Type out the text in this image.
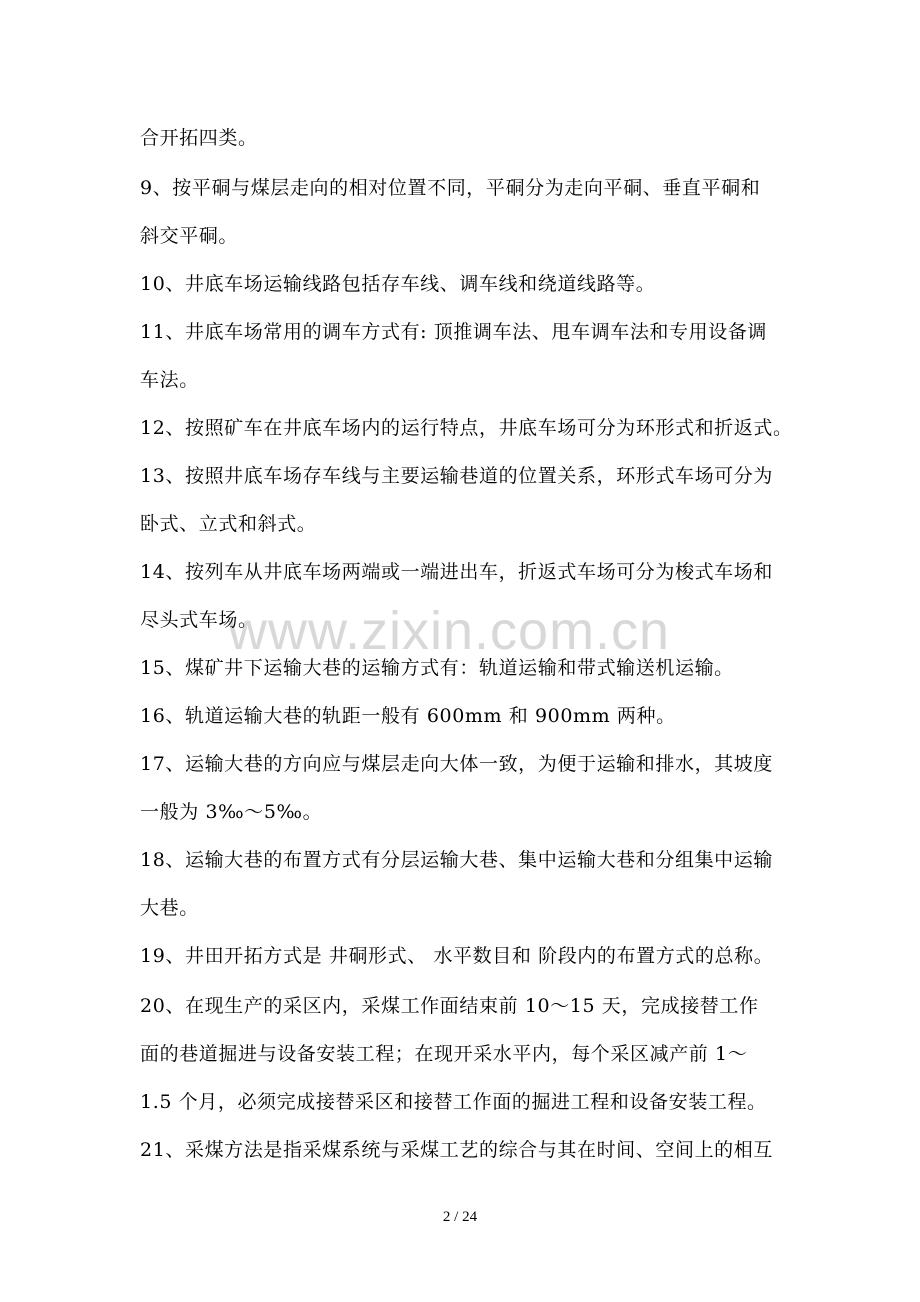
www.zixin.com.cn
合开拓四类。
9、按平硐与煤层走向的相对位置不同，平硐分为走向平硐、垂直平硐和
斜交平硐。
10、井底车场运输线路包括存车线、调车线和绕道线路等。
11、井底车场常用的调车方式有: 顶推调车法、甩车调车法和专用设备调
车法。
12、按照矿车在井底车场内的运行特点，井底车场可分为环形式和折返式。
13、按照井底车场存车线与主要运输巷道的位置关系，环形式车场可分为
卧式、立式和斜式。
14、按列车从井底车场两端或一端进出车，折返式车场可分为梭式车场和
尽头式车场。
15、煤矿井下运输大巷的运输方式有：轨道运输和带式输送机运输。
16、轨道运输大巷的轨距一般有 600mm 和 900mm 两种。
17、运输大巷的方向应与煤层走向大体一致，为便于运输和排水，其坡度
一般为 3‰～5‰。
18、运输大巷的布置方式有分层运输大巷、集中运输大巷和分组集中运输
大巷。
19、井田开拓方式是 井硐形式、 水平数目和 阶段内的布置方式的总称。
20、在现生产的采区内，采煤工作面结束前 10～15 天，完成接替工作
面的巷道掘进与设备安装工程；在现开采水平内，每个采区减产前 1～
1.5 个月，必须完成接替采区和接替工作面的掘进工程和设备安装工程。
21、采煤方法是指采煤系统与采煤工艺的综合与其在时间、空间上的相互
2 / 24
